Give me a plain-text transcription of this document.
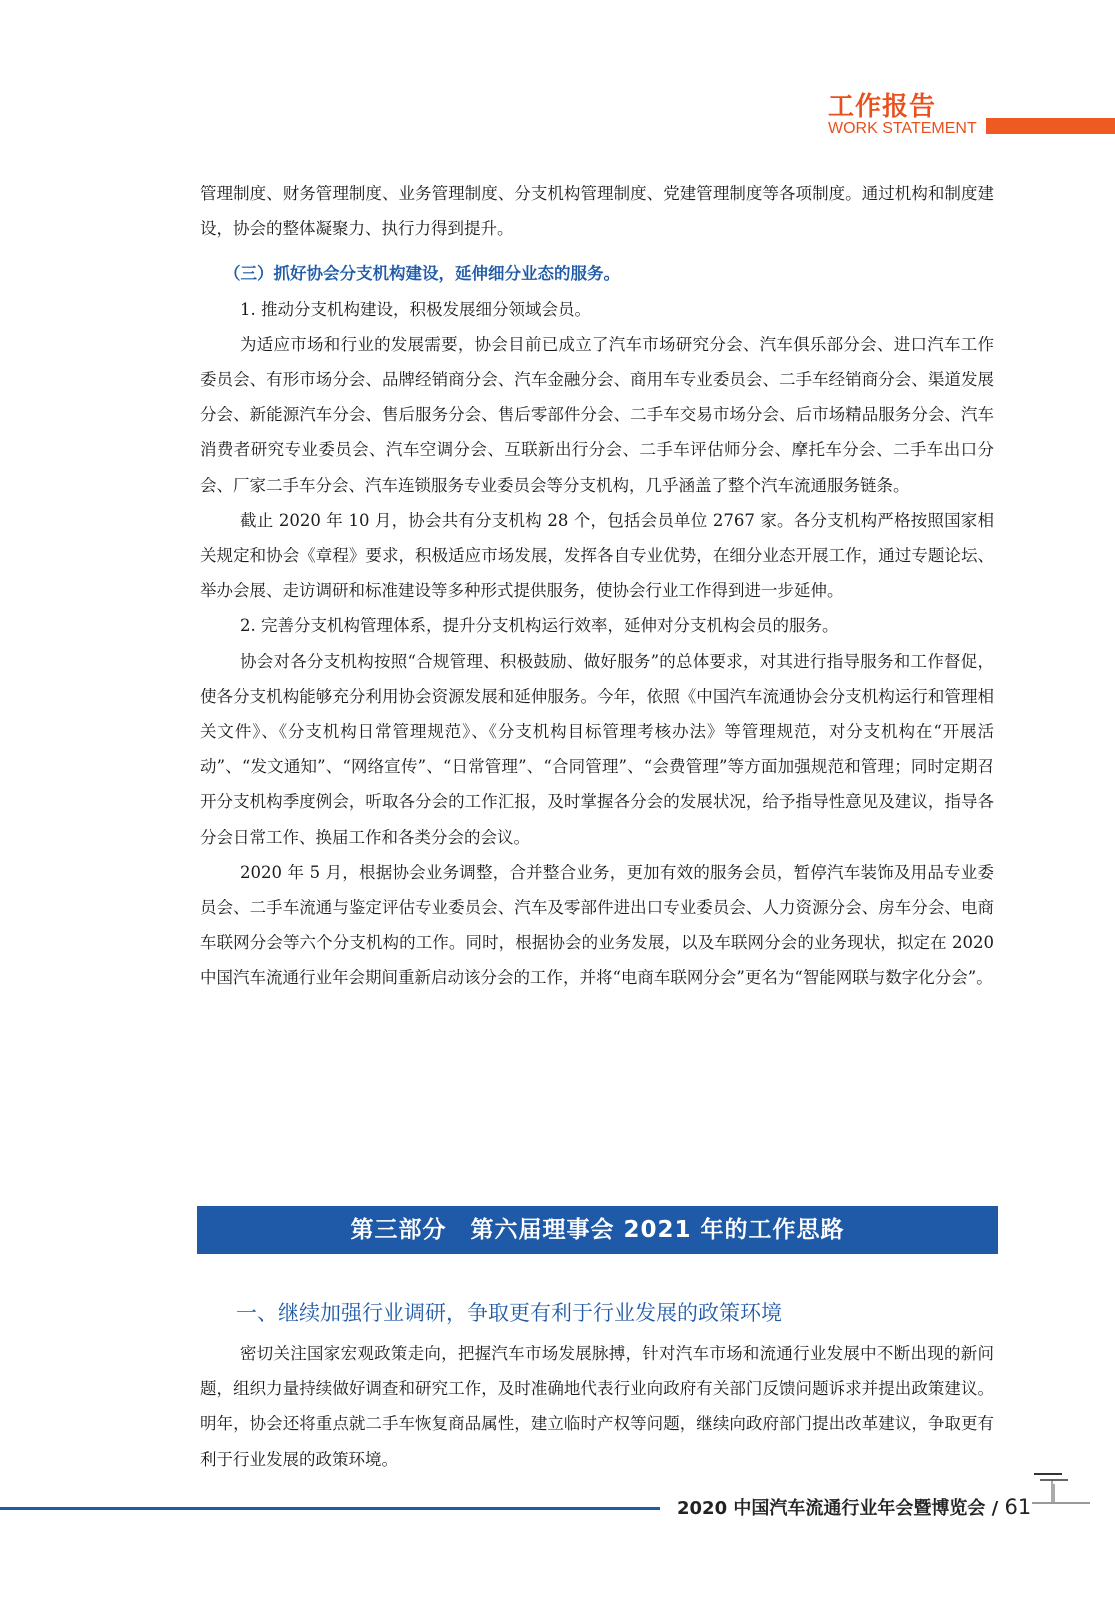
工作报告
WORK STATEMENT

管理制度、财务管理制度、业务管理制度、分支机构管理制度、党建管理制度等各项制度。通过机构和制度建设，协会的整体凝聚力、执行力得到提升。

（三）抓好协会分支机构建设，延伸细分业态的服务。

1. 推动分支机构建设，积极发展细分领域会员。

为适应市场和行业的发展需要，协会目前已成立了汽车市场研究分会、汽车俱乐部分会、进口汽车工作委员会、有形市场分会、品牌经销商分会、汽车金融分会、商用车专业委员会、二手车经销商分会、渠道发展分会、新能源汽车分会、售后服务分会、售后零部件分会、二手车交易市场分会、后市场精品服务分会、汽车消费者研究专业委员会、汽车空调分会、互联新出行分会、二手车评估师分会、摩托车分会、二手车出口分会、厂家二手车分会、汽车连锁服务专业委员会等分支机构，几乎涵盖了整个汽车流通服务链条。

截止 2020 年 10 月，协会共有分支机构 28 个，包括会员单位 2767 家。各分支机构严格按照国家相关规定和协会《章程》要求，积极适应市场发展，发挥各自专业优势，在细分业态开展工作，通过专题论坛、举办会展、走访调研和标准建设等多种形式提供服务，使协会行业工作得到进一步延伸。

2. 完善分支机构管理体系，提升分支机构运行效率，延伸对分支机构会员的服务。

协会对各分支机构按照“合规管理、积极鼓励、做好服务”的总体要求，对其进行指导服务和工作督促，使各分支机构能够充分利用协会资源发展和延伸服务。今年，依照《中国汽车流通协会分支机构运行和管理相关文件》、《分支机构日常管理规范》、《分支机构目标管理考核办法》等管理规范，对分支机构在“开展活动”、“发文通知”、“网络宣传”、“日常管理”、“合同管理”、“会费管理”等方面加强规范和管理；同时定期召开分支机构季度例会，听取各分会的工作汇报，及时掌握各分会的发展状况，给予指导性意见及建议，指导各分会日常工作、换届工作和各类分会的会议。

2020 年 5 月，根据协会业务调整，合并整合业务，更加有效的服务会员，暂停汽车装饰及用品专业委员会、二手车流通与鉴定评估专业委员会、汽车及零部件进出口专业委员会、人力资源分会、房车分会、电商车联网分会等六个分支机构的工作。同时，根据协会的业务发展，以及车联网分会的业务现状，拟定在 2020 中国汽车流通行业年会期间重新启动该分会的工作，并将“电商车联网分会”更名为“智能网联与数字化分会”。

第三部分　第六届理事会 2021 年的工作思路

一、继续加强行业调研，争取更有利于行业发展的政策环境

密切关注国家宏观政策走向，把握汽车市场发展脉搏，针对汽车市场和流通行业发展中不断出现的新问题，组织力量持续做好调查和研究工作，及时准确地代表行业向政府有关部门反馈问题诉求并提出政策建议。明年，协会还将重点就二手车恢复商品属性，建立临时产权等问题，继续向政府部门提出改革建议，争取更有利于行业发展的政策环境。

2020 中国汽车流通行业年会暨博览会 / 61
